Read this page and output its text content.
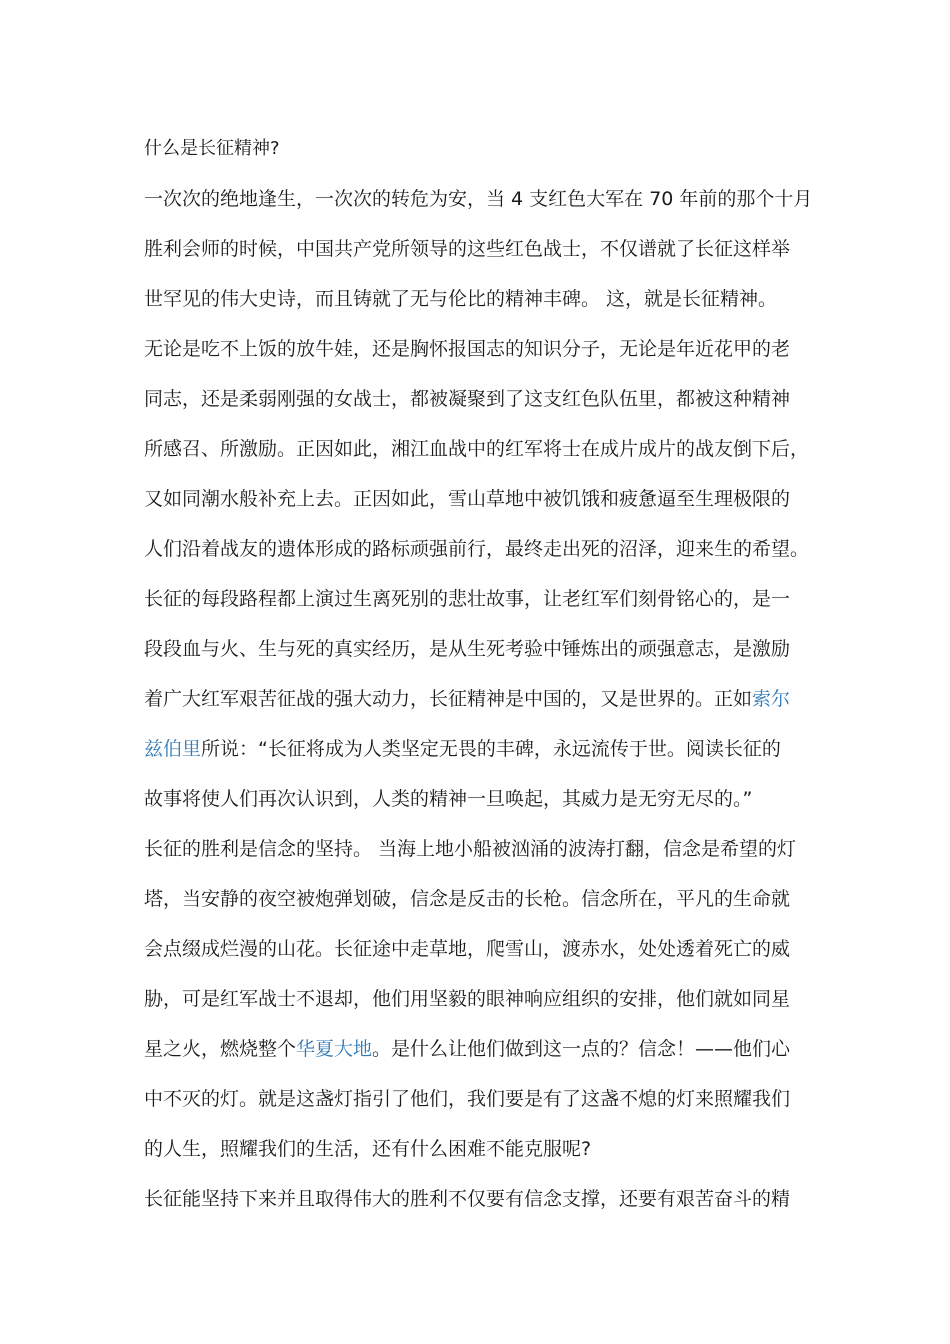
什么是长征精神?
一次次的绝地逢生，一次次的转危为安，当 4 支红色大军在 70 年前的那个十月
胜利会师的时候，中国共产党所领导的这些红色战士，不仅谱就了长征这样举
世罕见的伟大史诗，而且铸就了无与伦比的精神丰碑。 这，就是长征精神。
无论是吃不上饭的放牛娃，还是胸怀报国志的知识分子，无论是年近花甲的老
同志，还是柔弱刚强的女战士，都被凝聚到了这支红色队伍里，都被这种精神
所感召、所激励。正因如此，湘江血战中的红军将士在成片成片的战友倒下后，
又如同潮水般补充上去。正因如此，雪山草地中被饥饿和疲惫逼至生理极限的
人们沿着战友的遗体形成的路标顽强前行，最终走出死的沼泽，迎来生的希望。
长征的每段路程都上演过生离死别的悲壮故事，让老红军们刻骨铭心的，是一
段段血与火、生与死的真实经历，是从生死考验中锤炼出的顽强意志，是激励
着广大红军艰苦征战的强大动力，长征精神是中国的，又是世界的。正如索尔
兹伯里所说：“长征将成为人类坚定无畏的丰碑，永远流传于世。阅读长征的
故事将使人们再次认识到，人类的精神一旦唤起，其威力是无穷无尽的。”
长征的胜利是信念的坚持。 当海上地小船被汹涌的波涛打翻，信念是希望的灯
塔，当安静的夜空被炮弹划破，信念是反击的长枪。信念所在，平凡的生命就
会点缀成烂漫的山花。长征途中走草地，爬雪山，渡赤水，处处透着死亡的威
胁，可是红军战士不退却，他们用坚毅的眼神响应组织的安排，他们就如同星
星之火，燃烧整个华夏大地。是什么让他们做到这一点的？信念！——他们心
中不灭的灯。就是这盏灯指引了他们，我们要是有了这盏不熄的灯来照耀我们
的人生，照耀我们的生活，还有什么困难不能克服呢?
长征能坚持下来并且取得伟大的胜利不仅要有信念支撑，还要有艰苦奋斗的精
